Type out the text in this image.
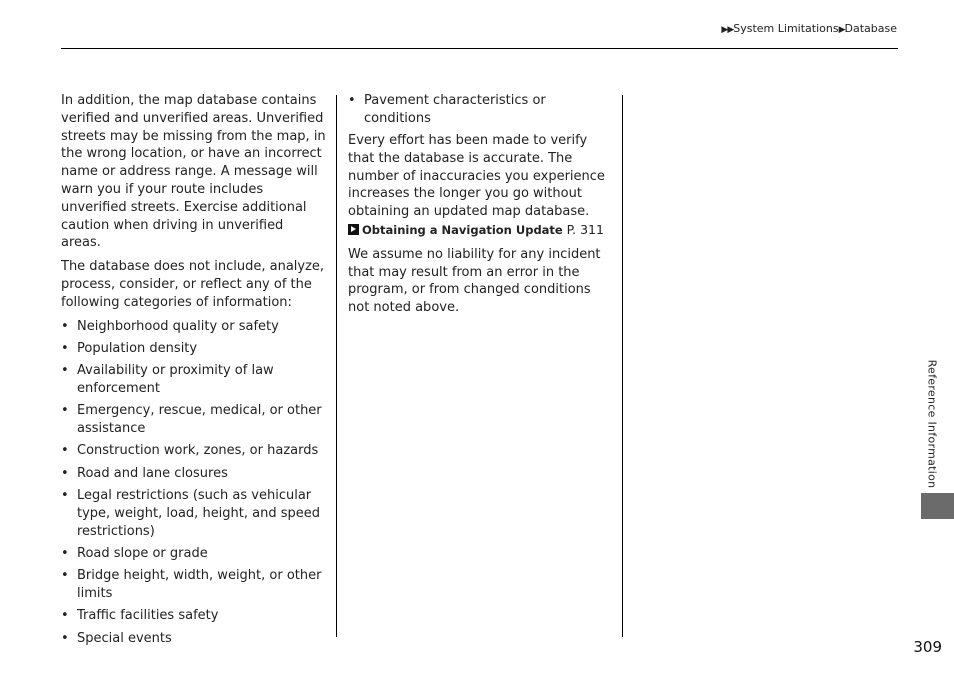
▶▶System Limitations▶Database

In addition, the map database contains verified and unverified areas. Unverified streets may be missing from the map, in the wrong location, or have an incorrect name or address range. A message will warn you if your route includes unverified streets. Exercise additional caution when driving in unverified areas.

The database does not include, analyze, process, consider, or reflect any of the following categories of information:

• Neighborhood quality or safety
• Population density
• Availability or proximity of law enforcement
• Emergency, rescue, medical, or other assistance
• Construction work, zones, or hazards
• Road and lane closures
• Legal restrictions (such as vehicular type, weight, load, height, and speed restrictions)
• Road slope or grade
• Bridge height, width, weight, or other limits
• Traffic facilities safety
• Special events
• Pavement characteristics or conditions

Every effort has been made to verify that the database is accurate. The number of inaccuracies you experience increases the longer you go without obtaining an updated map database.

Obtaining a Navigation Update P. 311

We assume no liability for any incident that may result from an error in the program, or from changed conditions not noted above.

Reference Information
309
